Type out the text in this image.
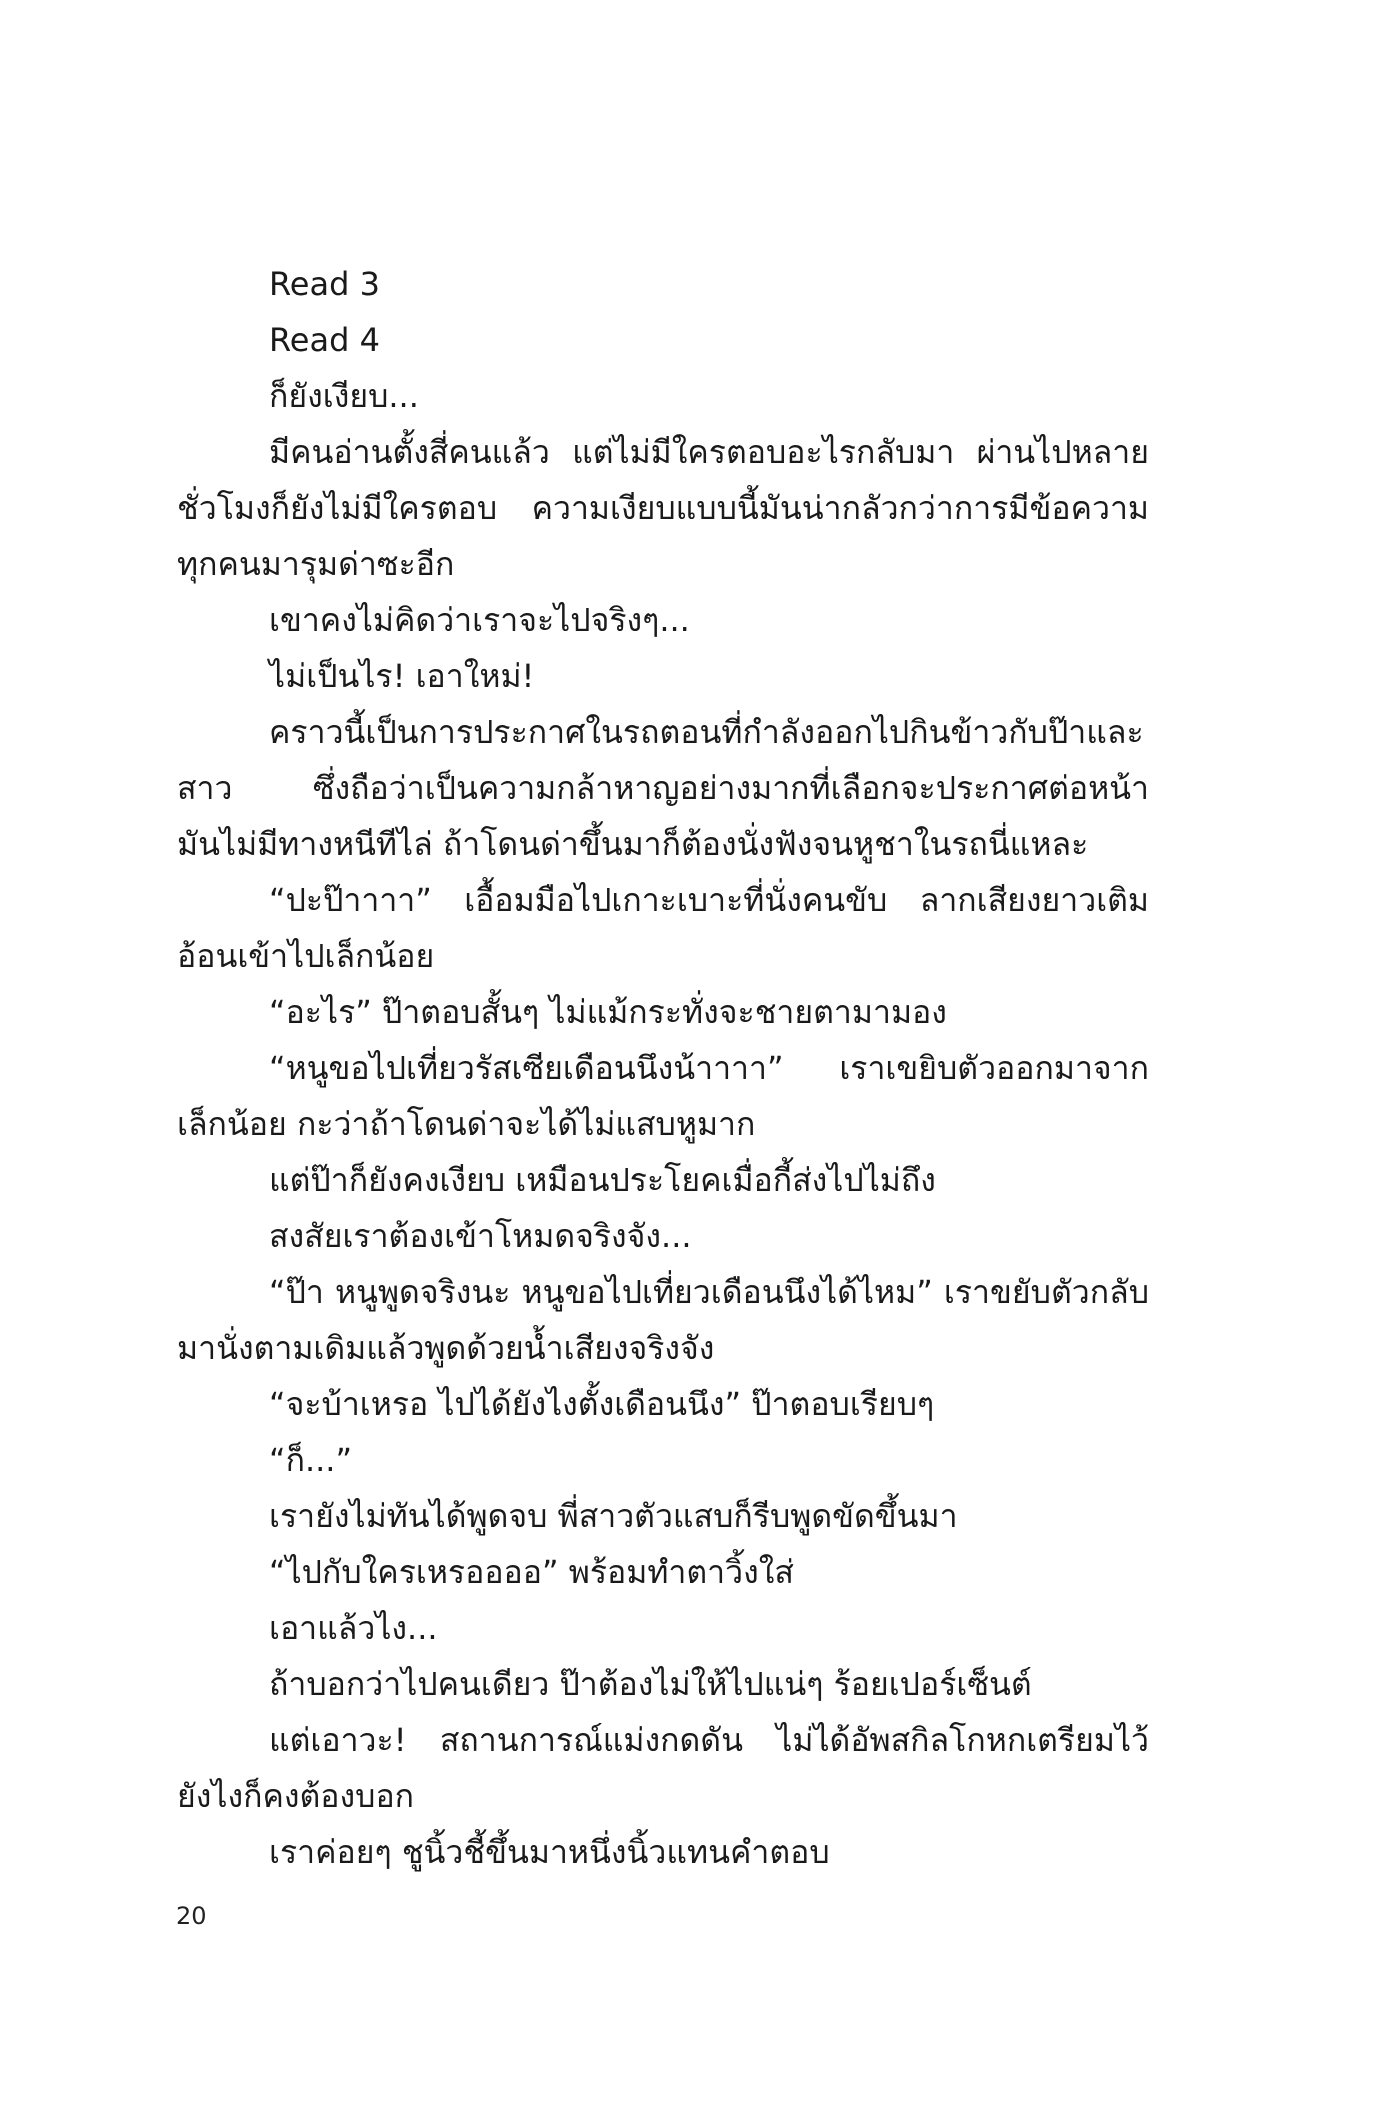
Read 3
Read 4
ก็ยังเงียบ...
มีคนอ่านตั้งสี่คนแล้ว แต่ไม่มีใครตอบอะไรกลับมา ผ่านไปหลาย
ชั่วโมงก็ยังไม่มีใครตอบ ความเงียบแบบนี้มันน่ากลัวกว่าการมีข้อความ
ทุกคนมารุมด่าซะอีก
เขาคงไม่คิดว่าเราจะไปจริงๆ...
ไม่เป็นไร! เอาใหม่!
คราวนี้เป็นการประกาศในรถตอนที่กำลังออกไปกินข้าวกับป๊าและ
สาว ซึ่งถือว่าเป็นความกล้าหาญอย่างมากที่เลือกจะประกาศต่อหน้า
มันไม่มีทางหนีทีไล่ ถ้าโดนด่าขึ้นมาก็ต้องนั่งฟังจนหูชาในรถนี่แหละ
“ปะป๊าาาา” เอื้อมมือไปเกาะเบาะที่นั่งคนขับ ลากเสียงยาวเติม
อ้อนเข้าไปเล็กน้อย
“อะไร” ป๊าตอบสั้นๆ ไม่แม้กระทั่งจะชายตามามอง
“หนูขอไปเที่ยวรัสเซียเดือนนึงน้าาาา” เราเขยิบตัวออกมาจาก
เล็กน้อย กะว่าถ้าโดนด่าจะได้ไม่แสบหูมาก
แต่ป๊าก็ยังคงเงียบ เหมือนประโยคเมื่อกี้ส่งไปไม่ถึง
สงสัยเราต้องเข้าโหมดจริงจัง...
“ป๊า หนูพูดจริงนะ หนูขอไปเที่ยวเดือนนึงได้ไหม” เราขยับตัวกลับ
มานั่งตามเดิมแล้วพูดด้วยน้ำเสียงจริงจัง
“จะบ้าเหรอ ไปได้ยังไงตั้งเดือนนึง” ป๊าตอบเรียบๆ
“ก็...”
เรายังไม่ทันได้พูดจบ พี่สาวตัวแสบก็รีบพูดขัดขึ้นมา
“ไปกับใครเหรออออ” พร้อมทำตาวิ้งใส่
เอาแล้วไง...
ถ้าบอกว่าไปคนเดียว ป๊าต้องไม่ให้ไปแน่ๆ ร้อยเปอร์เซ็นต์
แต่เอาวะ! สถานการณ์แม่งกดดัน ไม่ได้อัพสกิลโกหกเตรียมไว้
ยังไงก็คงต้องบอก
เราค่อยๆ ชูนิ้วชี้ขึ้นมาหนึ่งนิ้วแทนคำตอบ
20
